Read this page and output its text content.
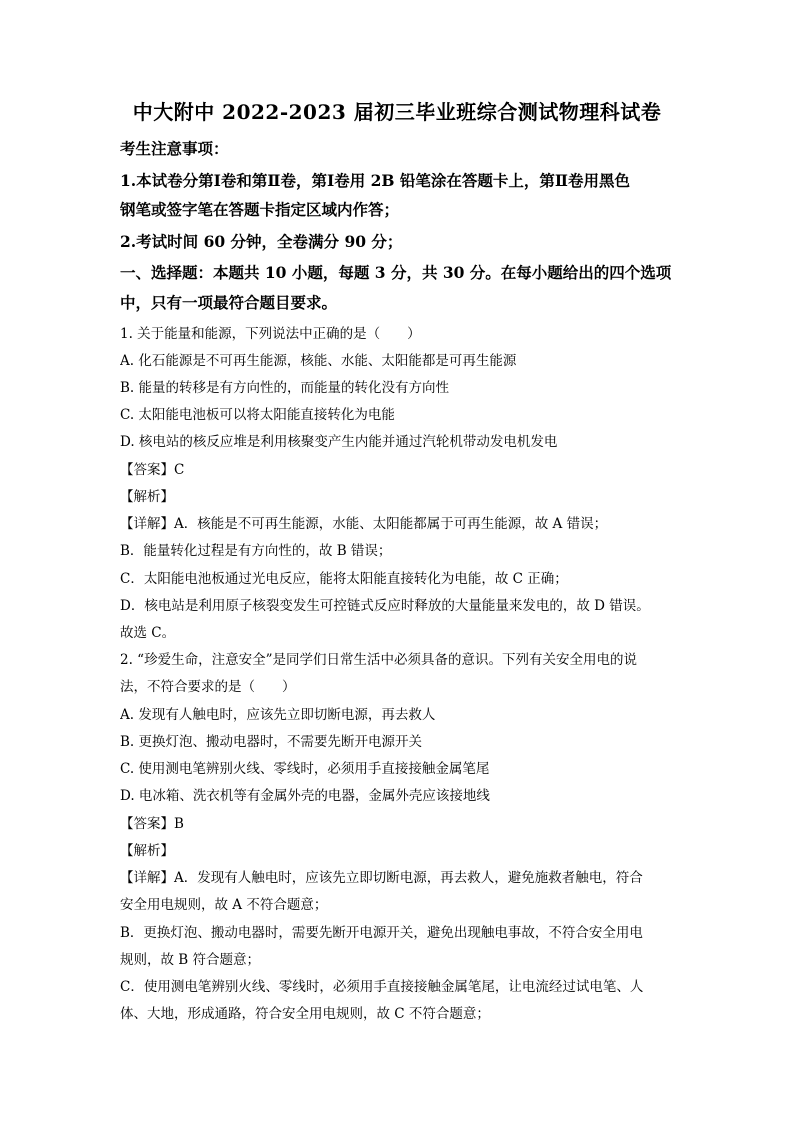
中大附中 2022-2023 届初三毕业班综合测试物理科试卷
考生注意事项：
1.本试卷分第Ⅰ卷和第Ⅱ卷，第Ⅰ卷用 2B 铅笔涂在答题卡上，第Ⅱ卷用黑色
钢笔或签字笔在答题卡指定区域内作答；
2.考试时间 60 分钟，全卷满分 90 分；
一、选择题：本题共 10 小题，每题 3 分，共 30 分。在每小题给出的四个选项
中，只有一项最符合题目要求。
1. 关于能量和能源，下列说法中正确的是（　　）
A. 化石能源是不可再生能源，核能、水能、太阳能都是可再生能源
B. 能量的转移是有方向性的，而能量的转化没有方向性
C. 太阳能电池板可以将太阳能直接转化为电能
D. 核电站的核反应堆是利用核聚变产生内能并通过汽轮机带动发电机发电
【答案】C
【解析】
【详解】A．核能是不可再生能源，水能、太阳能都属于可再生能源，故 A 错误；
B．能量转化过程是有方向性的，故 B 错误；
C．太阳能电池板通过光电反应，能将太阳能直接转化为电能，故 C 正确；
D．核电站是利用原子核裂变发生可控链式反应时释放的大量能量来发电的，故 D 错误。
故选 C。
2. “珍爱生命，注意安全”是同学们日常生活中必须具备的意识。下列有关安全用电的说
法，不符合要求的是（　　）
A. 发现有人触电时，应该先立即切断电源，再去救人
B. 更换灯泡、搬动电器时，不需要先断开电源开关
C. 使用测电笔辨别火线、零线时，必须用手直接接触金属笔尾
D. 电冰箱、洗衣机等有金属外壳的电器，金属外壳应该接地线
【答案】B
【解析】
【详解】A．发现有人触电时，应该先立即切断电源，再去救人，避免施救者触电，符合
安全用电规则，故 A 不符合题意；
B．更换灯泡、搬动电器时，需要先断开电源开关，避免出现触电事故，不符合安全用电
规则，故 B 符合题意；
C．使用测电笔辨别火线、零线时，必须用手直接接触金属笔尾，让电流经过试电笔、人
体、大地，形成通路，符合安全用电规则，故 C 不符合题意；
